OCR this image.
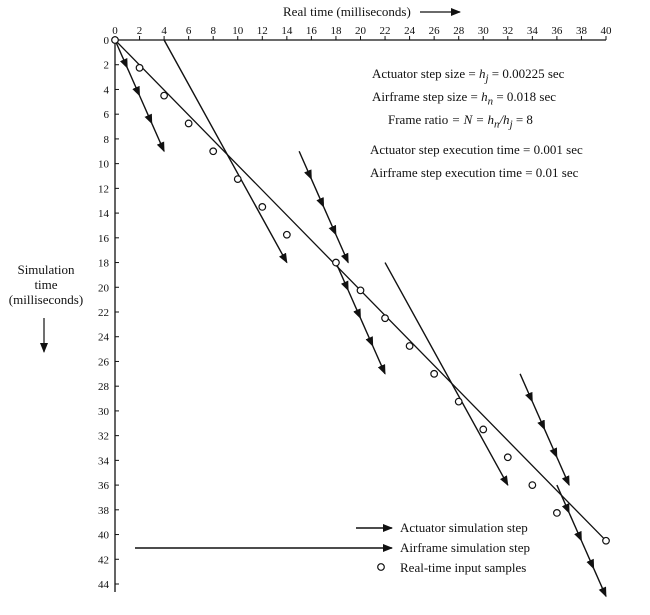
Real time (milliseconds)
0 2 4 6 8 10 12 14 16 18 20 22 24 26 28 30 32 34 36 38 40
0
2
4
6
8
10
12
14
16
18
20
22
24
26
28
30
32
34
36
38
40
42
44
Simulation
time
(milliseconds)
Actuator step size = $h_j = 0.00225$ sec
Airframe step size = $h_n = 0.018$ sec
Frame ratio = $N = h_n/h_j = 8$
Actuator step execution time = 0.001 sec
Airframe step execution time = 0.01 sec
Actuator simulation step
Airframe simulation step
Real-time input samples
